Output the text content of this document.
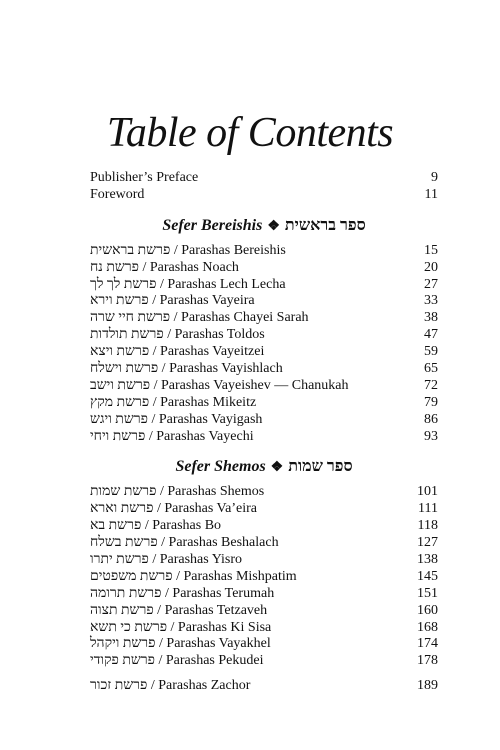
Table of Contents
Publisher’s Preface	9
Foreword	11
Sefer Bereishis ❖ ספר בראשית
פרשת בראשית / Parashas Bereishis	15
פרשת נח / Parashas Noach	20
פרשת לך לך / Parashas Lech Lecha	27
פרשת וירא / Parashas Vayeira	33
פרשת חיי שרה / Parashas Chayei Sarah	38
פרשת תולדות / Parashas Toldos	47
פרשת ויצא / Parashas Vayeitzei	59
פרשת וישלח / Parashas Vayishlach	65
פרשת וישב / Parashas Vayeishev — Chanukah	72
פרשת מקץ / Parashas Mikeitz	79
פרשת ויגש / Parashas Vayigash	86
פרשת ויחי / Parashas Vayechi	93
Sefer Shemos ❖ ספר שמות
פרשת שמות / Parashas Shemos	101
פרשת וארא / Parashas Va’eira	111
פרשת בא / Parashas Bo	118
פרשת בשלח / Parashas Beshalach	127
פרשת יתרו / Parashas Yisro	138
פרשת משפטים / Parashas Mishpatim	145
פרשת תרומה / Parashas Terumah	151
פרשת תצוה / Parashas Tetzaveh	160
פרשת כי תשא / Parashas Ki Sisa	168
פרשת ויקהל / Parashas Vayakhel	174
פרשת פקודי / Parashas Pekudei	178
פרשת זכור / Parashas Zachor	189
